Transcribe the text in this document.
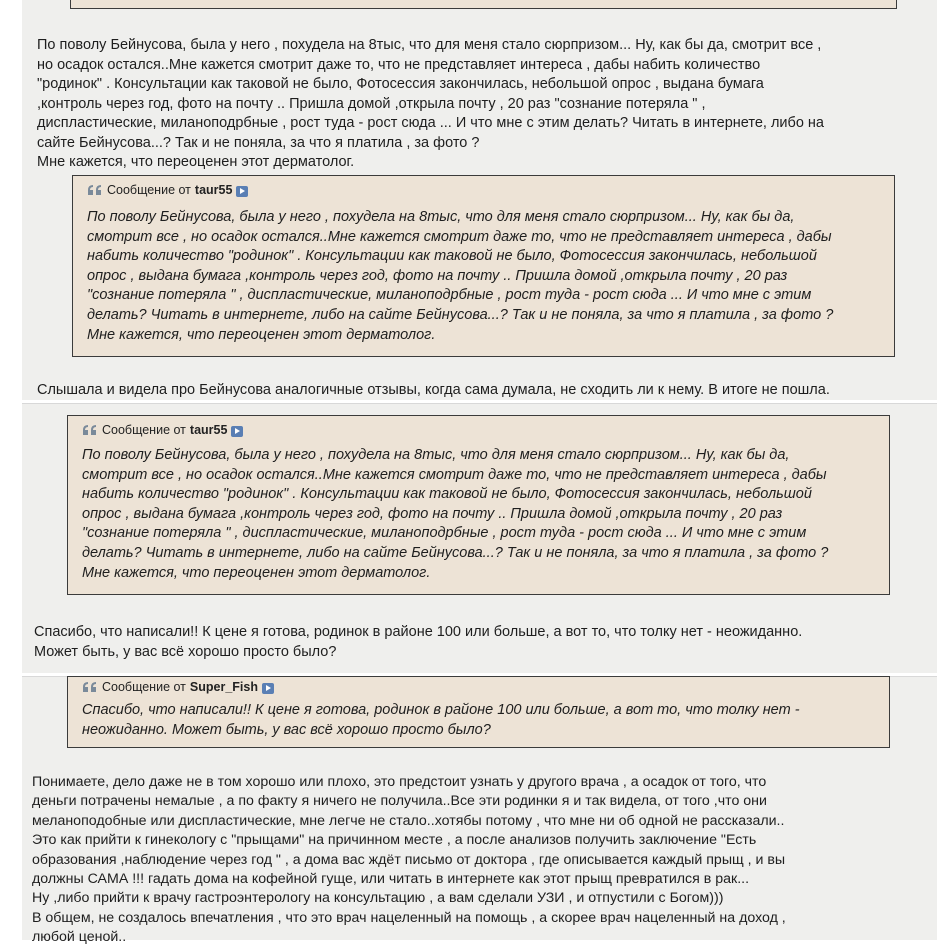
По поволу Бейнусова, была у него , похудела на 8тыс, что для меня стало сюрпризом... Ну, как бы да, смотрит все ,
но осадок остался..Мне кажется смотрит даже то, что не представляет интереса , дабы набить количество
"родинок" . Консультации как таковой не было, Фотосессия закончилась, небольшой опрос , выдана бумага
,контроль через год, фото на почту .. Пришла домой ,открыла почту , 20 раз "сознание потеряла " ,
диспластические, миланоподрбные , рост туда - рост сюда ... И что мне с этим делать? Читать в интернете, либо на
сайте Бейнусова...? Так и не поняла, за что я платила , за фото ?
Мне кажется, что переоценен этот дерматолог.
Сообщение от taur55
По поволу Бейнусова, была у него , похудела на 8тыс, что для меня стало сюрпризом... Ну, как бы да,
смотрит все , но осадок остался..Мне кажется смотрит даже то, что не представляет интереса , дабы
набить количество "родинок" . Консультации как таковой не было, Фотосессия закончилась, небольшой
опрос , выдана бумага ,контроль через год, фото на почту .. Пришла домой ,открыла почту , 20 раз
"сознание потеряла " , диспластические, миланоподрбные , рост туда - рост сюда ... И что мне с этим
делать? Читать в интернете, либо на сайте Бейнусова...? Так и не поняла, за что я платила , за фото ?
Мне кажется, что переоценен этот дерматолог.
Слышала и видела про Бейнусова аналогичные отзывы, когда сама думала, не сходить ли к нему. В итоге не пошла.
Сообщение от taur55
По поволу Бейнусова, была у него , похудела на 8тыс, что для меня стало сюрпризом... Ну, как бы да,
смотрит все , но осадок остался..Мне кажется смотрит даже то, что не представляет интереса , дабы
набить количество "родинок" . Консультации как таковой не было, Фотосессия закончилась, небольшой
опрос , выдана бумага ,контроль через год, фото на почту .. Пришла домой ,открыла почту , 20 раз
"сознание потеряла " , диспластические, миланоподрбные , рост туда - рост сюда ... И что мне с этим
делать? Читать в интернете, либо на сайте Бейнусова...? Так и не поняла, за что я платила , за фото ?
Мне кажется, что переоценен этот дерматолог.
Спасибо, что написали!! К цене я готова, родинок в районе 100 или больше, а вот то, что толку нет - неожиданно.
Может быть, у вас всё хорошо просто было?
Сообщение от Super_Fish
Спасибо, что написали!! К цене я готова, родинок в районе 100 или больше, а вот то, что толку нет -
неожиданно. Может быть, у вас всё хорошо просто было?
Понимаете, дело даже не в том хорошо или плохо, это предстоит узнать у другого врача , а осадок от того, что
деньги потрачены немалые , а по факту я ничего не получила..Все эти родинки я и так видела, от того ,что они
меланоподобные или диспластические, мне легче не стало..хотябы потому , что мне ни об одной не рассказали..
Это как прийти к гинекологу с "прыщами" на причинном месте , а после анализов получить заключение "Есть
образования ,наблюдение через год " , а дома вас ждёт письмо от доктора , где описывается каждый прыщ , и вы
должны САМА !!! гадать дома на кофейной гуще, или читать в интернете как этот прыщ превратился в рак...
Ну ,либо прийти к врачу гастроэнтерологу на консультацию , а вам сделали УЗИ , и отпустили с Богом)))
В общем, не создалось впечатления , что это врач нацеленный на помощь , а скорее врач нацеленный на доход ,
любой ценой..
